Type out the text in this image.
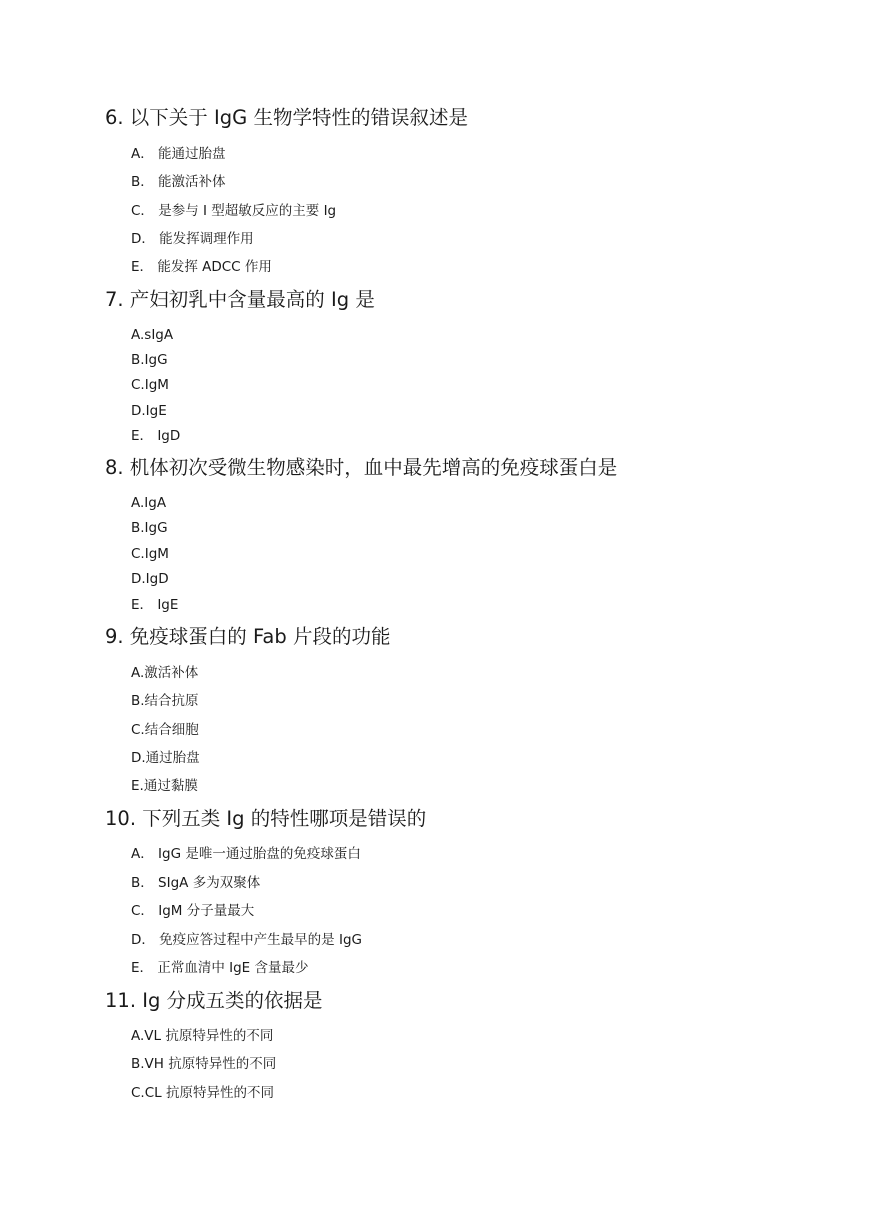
6. 以下关于 IgG 生物学特性的错误叙述是
A． 能通过胎盘
B． 能激活补体
C． 是参与 I 型超敏反应的主要 Ig
D． 能发挥调理作用
E． 能发挥 ADCC 作用
7. 产妇初乳中含量最高的 Ig 是
A.sIgA
B.IgG
C.IgM
D.IgE
E． IgD
8. 机体初次受微生物感染时，血中最先增高的免疫球蛋白是
A.IgA
B.IgG
C.IgM
D.IgD
E． IgE
9. 免疫球蛋白的 Fab 片段的功能
A.激活补体
B.结合抗原
C.结合细胞
D.通过胎盘
E.通过黏膜
10. 下列五类 Ig 的特性哪项是错误的
A． IgG 是唯一通过胎盘的免疫球蛋白
B． SIgA 多为双聚体
C． IgM 分子量最大
D． 免疫应答过程中产生最早的是 IgG
E． 正常血清中 IgE 含量最少
11. Ig 分成五类的依据是
A.VL 抗原特异性的不同
B.VH 抗原特异性的不同
C.CL 抗原特异性的不同
